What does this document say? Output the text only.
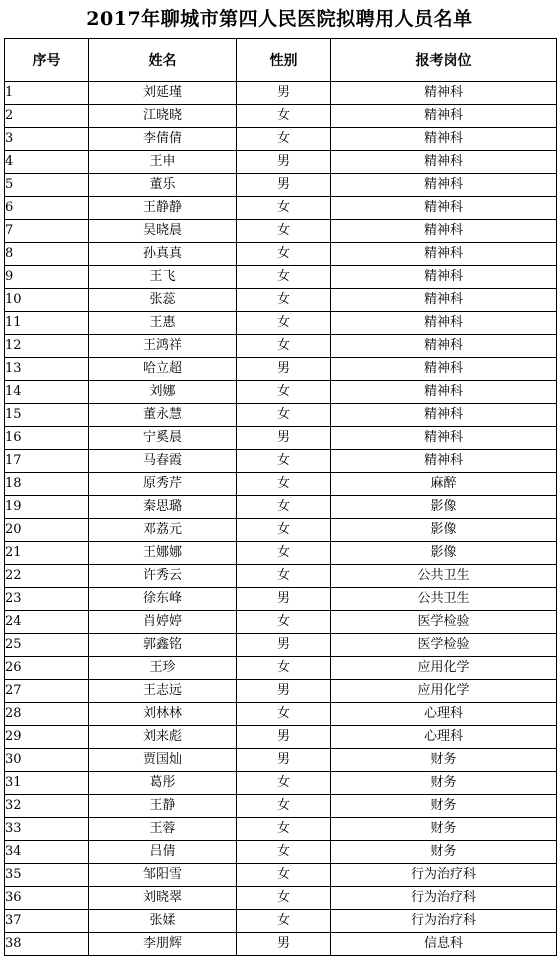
2017年聊城市第四人民医院拟聘用人员名单
序号	姓名	性别	报考岗位
1	刘延瑾	男	精神科
2	江晓晓	女	精神科
3	李倩倩	女	精神科
4	王申	男	精神科
5	董乐	男	精神科
6	王静静	女	精神科
7	吴晓晨	女	精神科
8	孙真真	女	精神科
9	王飞	女	精神科
10	张蕊	女	精神科
11	王惠	女	精神科
12	王鸿祥	女	精神科
13	哈立超	男	精神科
14	刘娜	女	精神科
15	董永慧	女	精神科
16	宁奚晨	男	精神科
17	马春霞	女	精神科
18	原秀芹	女	麻醉
19	秦思璐	女	影像
20	邓荔元	女	影像
21	王娜娜	女	影像
22	许秀云	女	公共卫生
23	徐东峰	男	公共卫生
24	肖婷婷	女	医学检验
25	郭鑫铭	男	医学检验
26	王珍	女	应用化学
27	王志远	男	应用化学
28	刘林林	女	心理科
29	刘来彪	男	心理科
30	贾国灿	男	财务
31	葛彤	女	财务
32	王静	女	财务
33	王蓉	女	财务
34	吕倩	女	财务
35	邹阳雪	女	行为治疗科
36	刘晓翠	女	行为治疗科
37	张媃	女	行为治疗科
38	李朋辉	男	信息科
